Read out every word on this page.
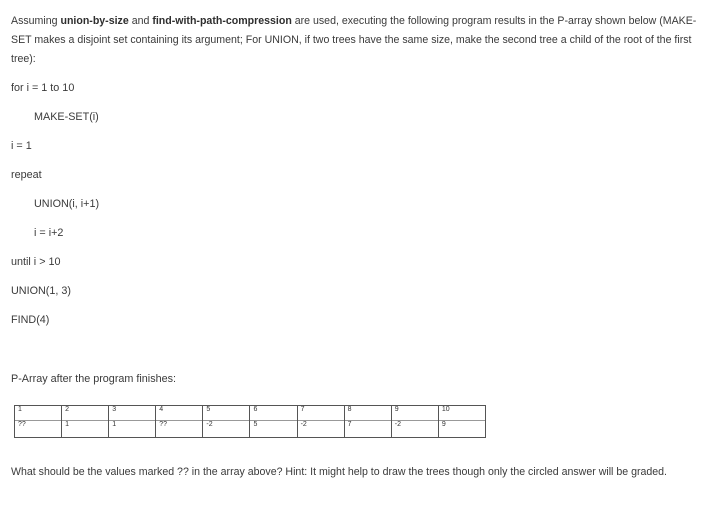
Assuming union-by-size and find-with-path-compression are used, executing the following program results in the P-array shown below (MAKE-SET makes a disjoint set containing its argument; For UNION, if two trees have the same size, make the second tree a child of the root of the first tree):
for i = 1 to 10
MAKE-SET(i)
i = 1
repeat
UNION(i, i+1)
i = i+2
until i > 10
UNION(1, 3)
FIND(4)
P-Array after the program finishes:
1	2	3	4	5	6	7	8	9	10
??	1	1	??	-2	5	-2	7	-2	9
What should be the values marked ?? in the array above? Hint: It might help to draw the trees though only the circled answer will be graded.
